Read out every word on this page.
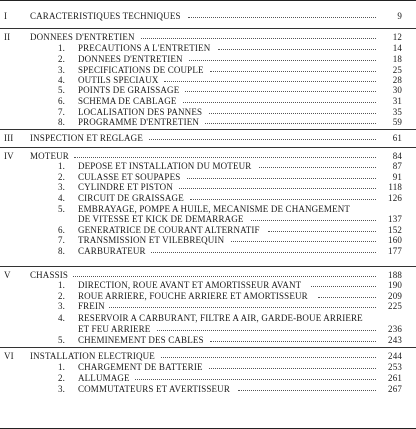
I	CARACTERISTIQUES TECHNIQUES	9
II	DONNEES D'ENTRETIEN	12
1.	PRECAUTIONS A L'ENTRETIEN	14
2.	DONNEES D'ENTRETIEN	18
3.	SPECIFICATIONS DE COUPLE	25
4.	OUTILS SPECIAUX	28
5.	POINTS DE GRAISSAGE	30
6.	SCHEMA DE CABLAGE	31
7.	LOCALISATION DES PANNES	35
8.	PROGRAMME D'ENTRETIEN	59
III	INSPECTION ET REGLAGE	61
IV	MOTEUR	84
1.	DEPOSE ET INSTALLATION DU MOTEUR	87
2.	CULASSE ET SOUPAPES	91
3.	CYLINDRE ET PISTON	118
4.	CIRCUIT DE GRAISSAGE	126
5.	EMBRAYAGE, POMPE A HUILE, MECANISME DE CHANGEMENT
DE VITESSE ET KICK DE DEMARRAGE	137
6.	GENERATRICE DE COURANT ALTERNATIF	152
7.	TRANSMISSION ET VILEBREQUIN	160
8.	CARBURATEUR	177
V	CHASSIS	188
1.	DIRECTION, ROUE AVANT ET AMORTISSEUR AVANT	190
2.	ROUE ARRIERE, FOUCHE ARRIERE ET AMORTISSEUR	209
3.	FREIN	225
4.	RESERVOIR A CARBURANT, FILTRE A AIR, GARDE-BOUE ARRIERE
ET FEU ARRIERE	236
5.	CHEMINEMENT DES CABLES	243
VI	INSTALLATION ELECTRIQUE	244
1.	CHARGEMENT DE BATTERIE	253
2.	ALLUMAGE	261
3.	COMMUTATEURS ET AVERTISSEUR	267
